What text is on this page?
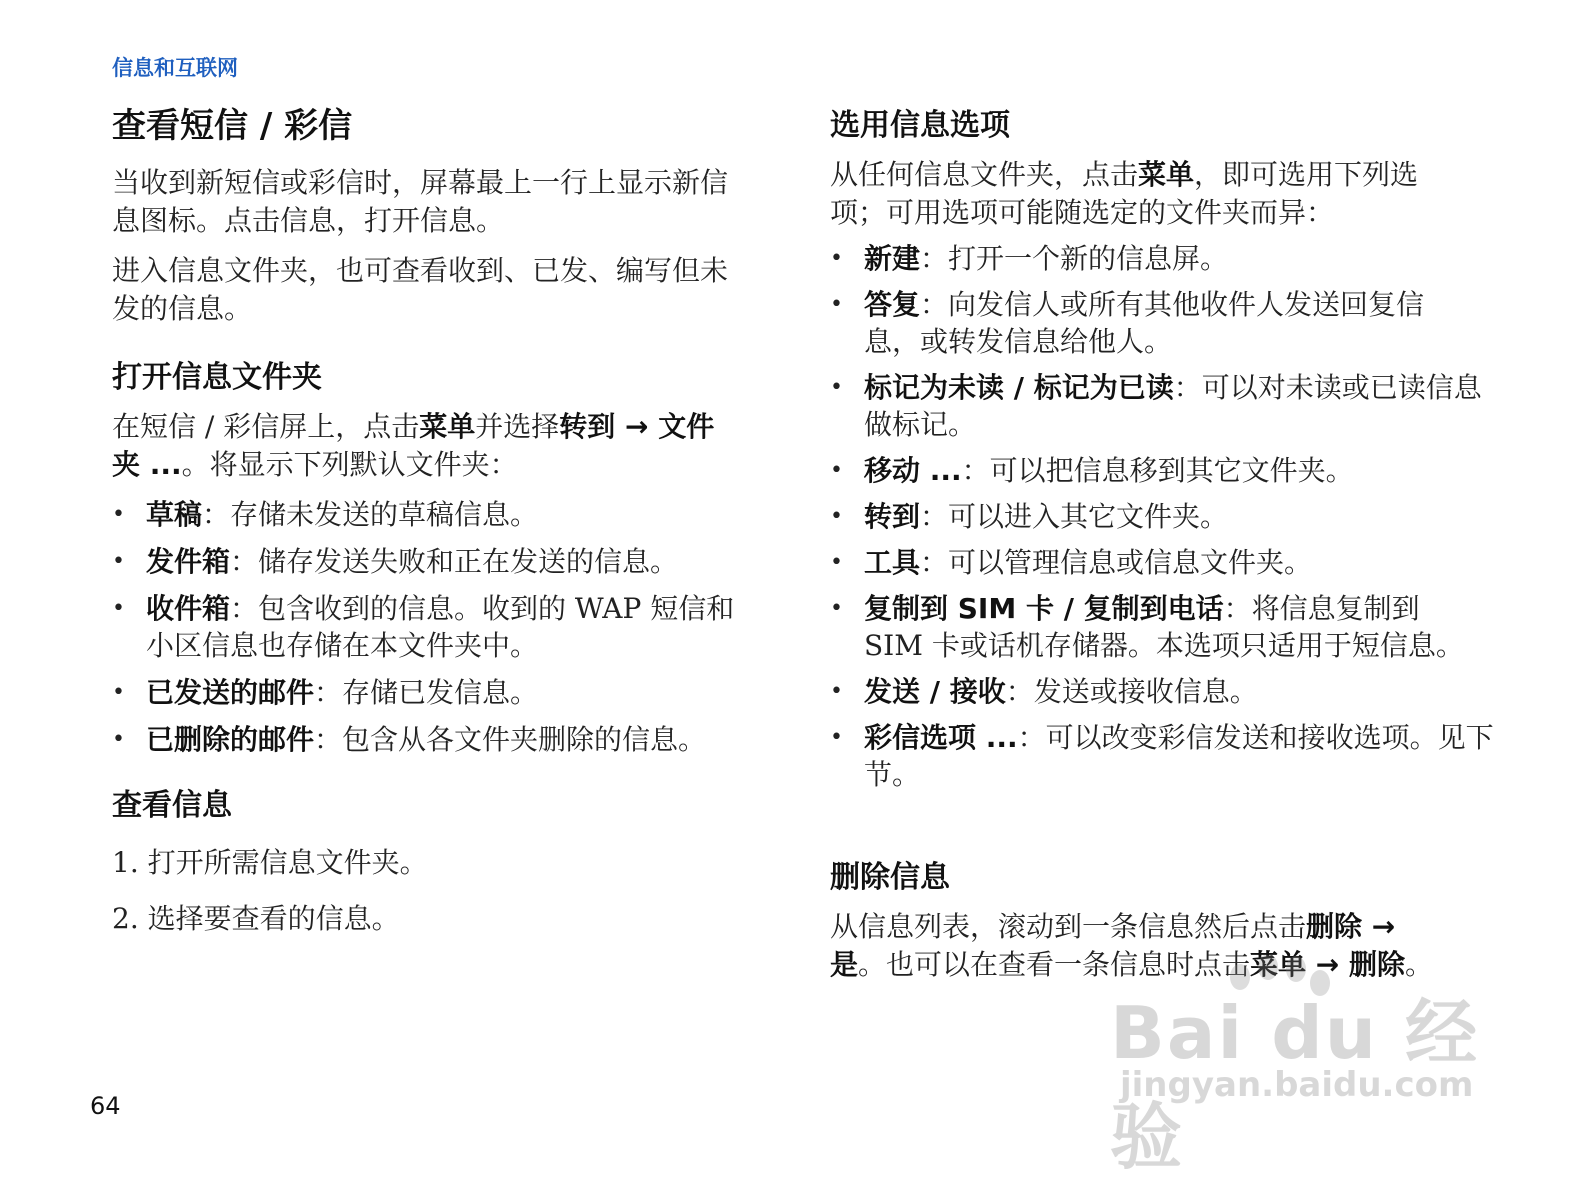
信息和互联网
查看短信 / 彩信
当收到新短信或彩信时，屏幕最上一行上显示新信息图标。点击信息，打开信息。
进入信息文件夹，也可查看收到、已发、编写但未发的信息。
打开信息文件夹
在短信 / 彩信屏上，点击菜单并选择转到 → 文件夹 ...。将显示下列默认文件夹：
• 草稿：存储未发送的草稿信息。
• 发件箱：储存发送失败和正在发送的信息。
• 收件箱：包含收到的信息。收到的 WAP 短信和小区信息也存储在本文件夹中。
• 已发送的邮件：存储已发信息。
• 已删除的邮件：包含从各文件夹删除的信息。
查看信息
1. 打开所需信息文件夹。
2. 选择要查看的信息。
选用信息选项
从任何信息文件夹，点击菜单，即可选用下列选项；可用选项可能随选定的文件夹而异：
• 新建：打开一个新的信息屏。
• 答复：向发信人或所有其他收件人发送回复信息，或转发信息给他人。
• 标记为未读 / 标记为已读：可以对未读或已读信息做标记。
• 移动 ...：可以把信息移到其它文件夹。
• 转到：可以进入其它文件夹。
• 工具：可以管理信息或信息文件夹。
• 复制到 SIM 卡 / 复制到电话：将信息复制到 SIM 卡或话机存储器。本选项只适用于短信息。
• 发送 / 接收：发送或接收信息。
• 彩信选项 ...：可以改变彩信发送和接收选项。见下节。
删除信息
从信息列表，滚动到一条信息然后点击删除 → 是。也可以在查看一条信息时点击菜单 → 删除。
64
Bai du 经验
jingyan.baidu.com
